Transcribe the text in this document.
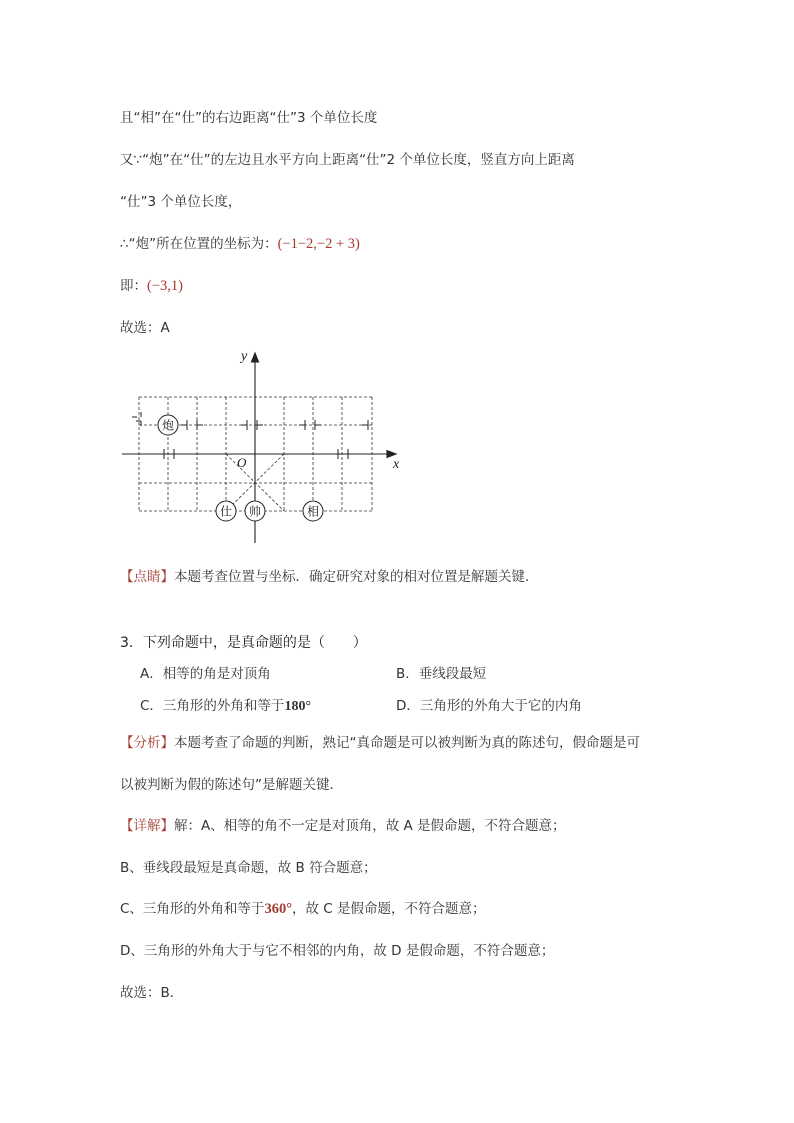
且“相”在“仕”的右边距离“仕”3 个单位长度
又∵“炮”在“仕”的左边且水平方向上距离“仕”2 个单位长度，竖直方向上距离
“仕”3 个单位长度，
∴“炮”所在位置的坐标为：(−1−2,−2 + 3)
即：(−3,1)
故选：A
x
y
O
炮
仕 帅	相
【点睛】本题考查位置与坐标．确定研究对象的相对位置是解题关键．
3．下列命题中，是真命题的是（　　）
A．相等的角是对顶角	B．垂线段最短
C．三角形的外角和等于180°	D．三角形的外角大于它的内角
【分析】本题考查了命题的判断，熟记“真命题是可以被判断为真的陈述句，假命题是可
以被判断为假的陈述句”是解题关键．
【详解】解：A、相等的角不一定是对顶角，故 A 是假命题，不符合题意；
B、垂线段最短是真命题，故 B 符合题意；
C、三角形的外角和等于360°，故 C 是假命题，不符合题意；
D、三角形的外角大于与它不相邻的内角，故 D 是假命题，不符合题意；
故选：B．
